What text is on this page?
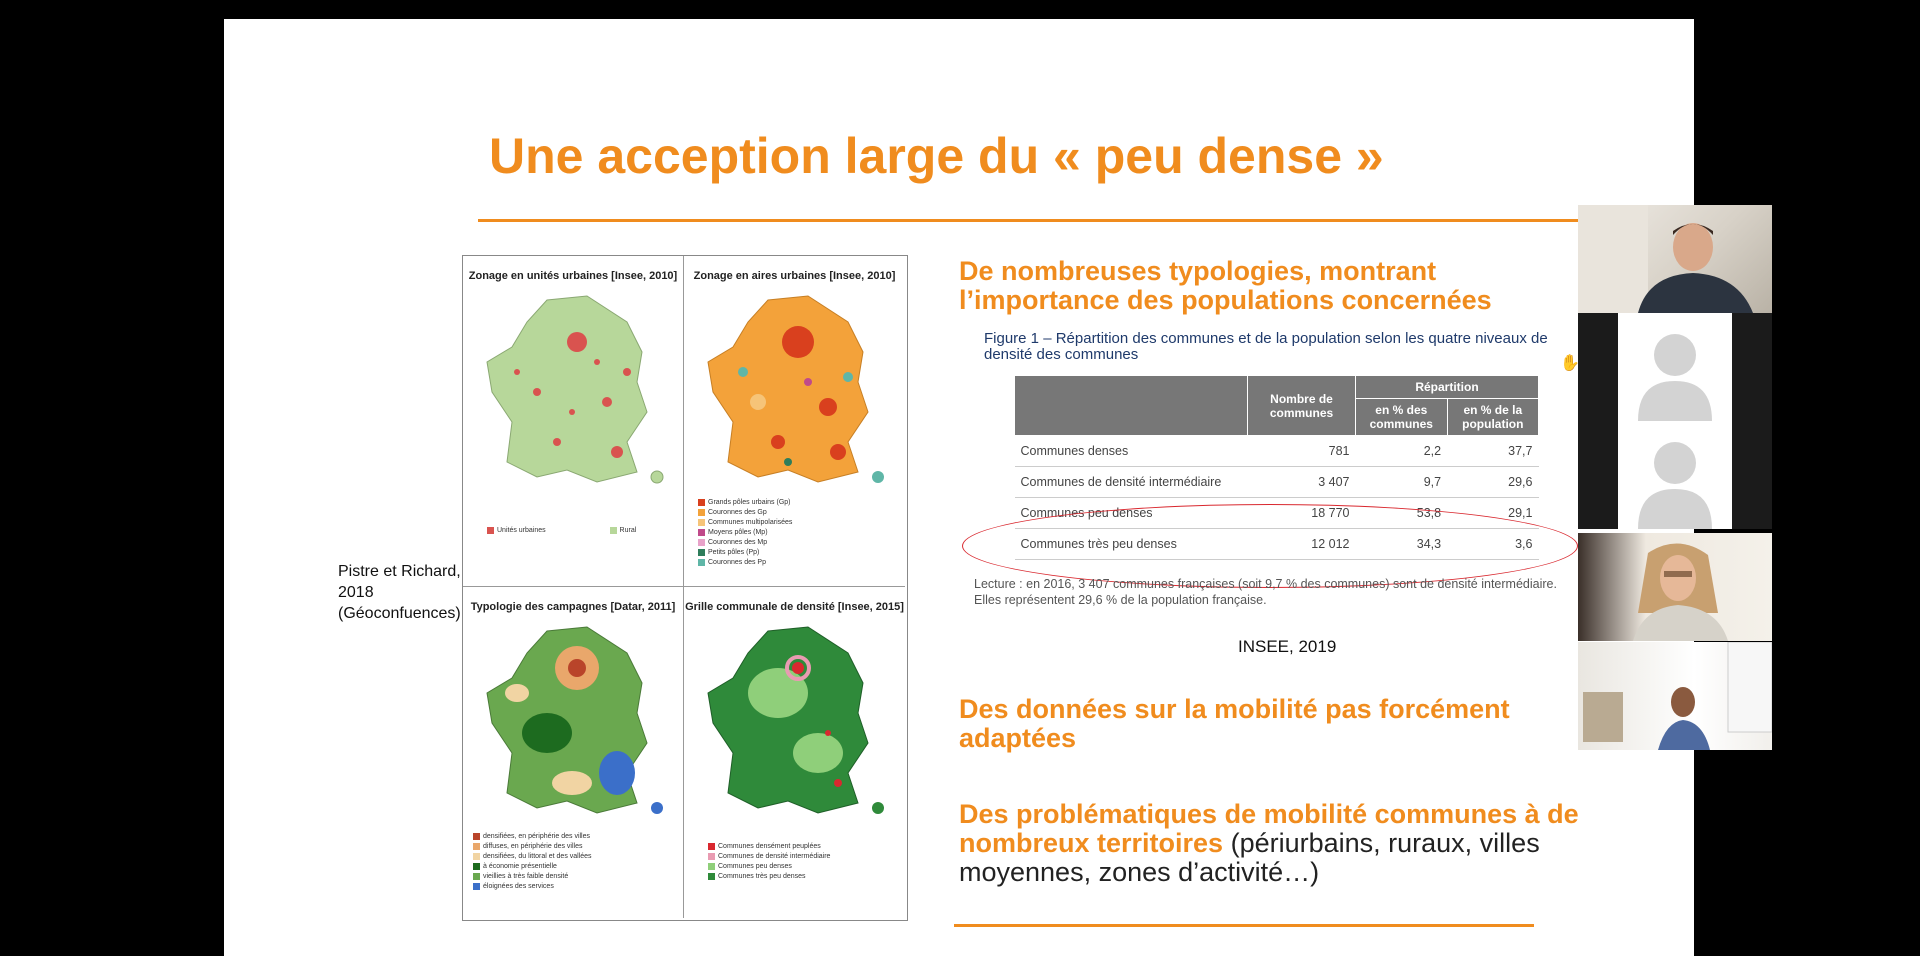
Une acception large du « peu dense »
Zonage en unités urbaines [Insee, 2010]
Unités urbaines	Rural
Zonage en aires urbaines [Insee, 2010]
Grands pôles urbains (Gp)
Couronnes des Gp
Communes multipolarisées
Moyens pôles (Mp)
Couronnes des Mp
Petits pôles (Pp)
Couronnes des Pp
Typologie des campagnes [Datar, 2011]
densifiées, en périphérie des villes
diffuses, en périphérie des villes
densifiées, du littoral et des vallées
à économie présentielle
vieillies à très faible densité
éloignées des services
Grille communale de densité [Insee, 2015]
Communes densément peuplées
Communes de densité intermédiaire
Communes peu denses
Communes très peu denses
Pistre et Richard, 2018 (Géoconfuences)
De nombreuses typologies, montrant l’importance des populations concernées
Figure 1 – Répartition des communes et de la population selon les quatre niveaux de densité des communes
	Nombre de communes	Répartition	
		en % des communes	en % de la population
Communes denses	781	2,2	37,7
Communes de densité intermédiaire	3 407	9,7	29,6
Communes peu denses	18 770	53,8	29,1
Communes très peu denses	12 012	34,3	3,6
Lecture : en 2016, 3 407 communes françaises (soit 9,7 % des communes) sont de densité intermédiaire. Elles représentent 29,6 % de la population française.
INSEE, 2019
Des données sur la mobilité pas forcément adaptées
Des problématiques de mobilité communes à de nombreux territoires (périurbains, ruraux, villes moyennes, zones d’activité…)
✋
